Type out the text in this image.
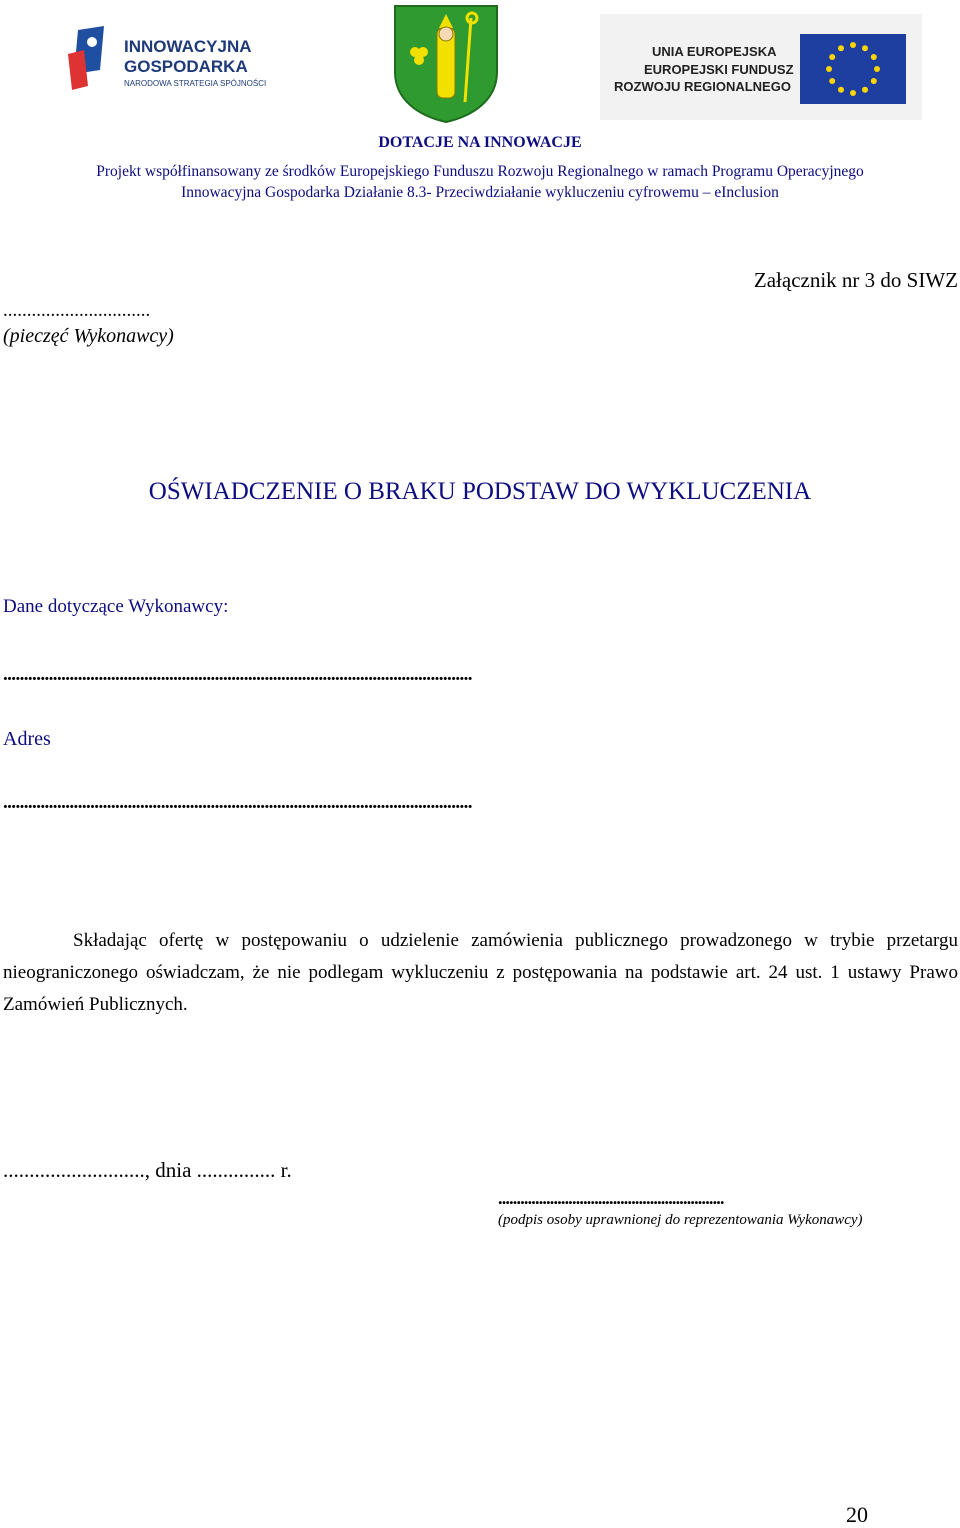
INNOWACYJNA
GOSPODARKA
NARODOWA STRATEGIA SPÓJNOŚCI
UNIA EUROPEJSKA
EUROPEJSKI FUNDUSZ
ROZWOJU REGIONALNEGO
DOTACJE NA INNOWACJE
Projekt współfinansowany ze środków Europejskiego Funduszu Rozwoju Regionalnego w ramach Programu Operacyjnego
Innowacyjna Gospodarka Działanie 8.3- Przeciwdziałanie wykluczeniu cyfrowemu – eInclusion
...............................
(pieczęć Wykonawcy)
Załącznik nr 3 do SIWZ
OŚWIADCZENIE O BRAKU PODSTAW DO WYKLUCZENIA
Dane dotyczące Wykonawcy:
.................................................................................................................
Adres
.................................................................................................................

Składając ofertę w postępowaniu o udzielenie zamówienia publicznego prowadzonego w trybie przetargu nieograniczonego oświadczam, że nie podlegam wykluczeniu z postępowania na podstawie art. 24 ust. 1 ustawy Prawo Zamówień Publicznych.

..........................., dnia ............... r.
.............................................................
(podpis osoby uprawnionej do reprezentowania Wykonawcy)
20
